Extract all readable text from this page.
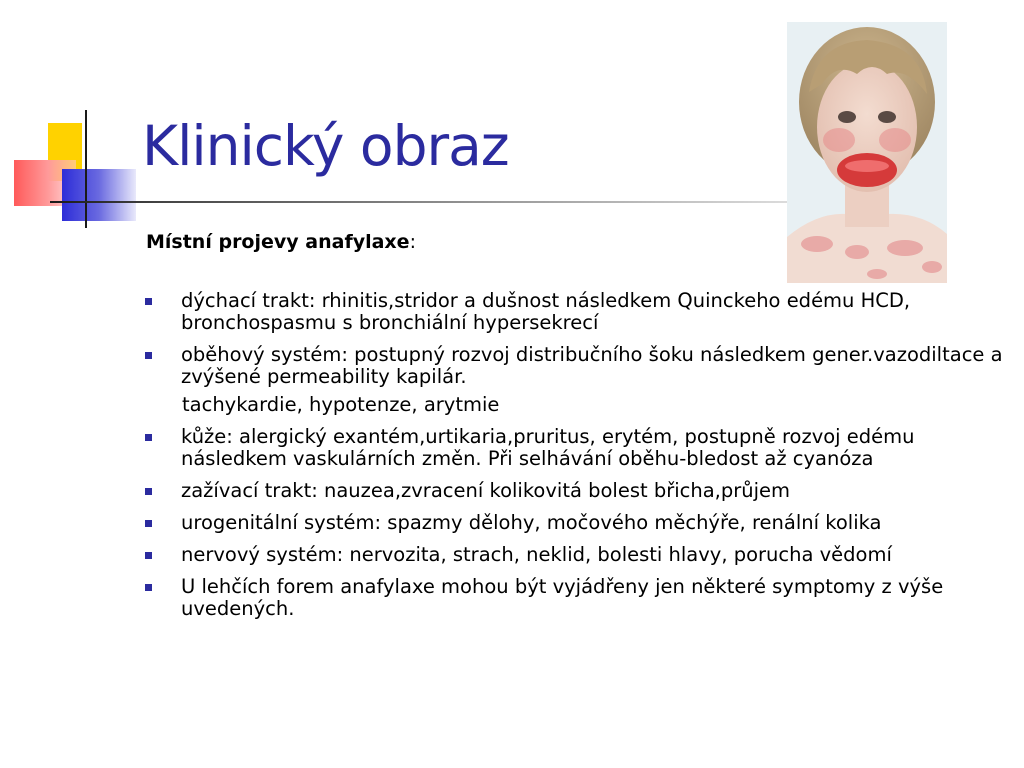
Klinický obraz

Místní projevy anafylaxe:

dýchací trakt: rhinitis,stridor a dušnost následkem Quinckeho edému HCD, bronchospasmu s bronchiální hypersekrecí
oběhový systém: postupný rozvoj distribučního šoku následkem gener.vazodiltace a zvýšené permeability kapilár.
tachykardie, hypotenze, arytmie
kůže: alergický exantém,urtikaria,pruritus, erytém, postupně rozvoj edému následkem vaskulárních změn. Při selhávání oběhu-bledost až cyanóza
zažívací trakt: nauzea,zvracení kolikovitá bolest břicha,průjem
urogenitální systém: spazmy dělohy, močového měchýře, renální kolika
nervový systém: nervozita, strach, neklid, bolesti hlavy, porucha vědomí
U lehčích forem anafylaxe mohou být vyjádřeny jen některé symptomy z výše uvedených.
